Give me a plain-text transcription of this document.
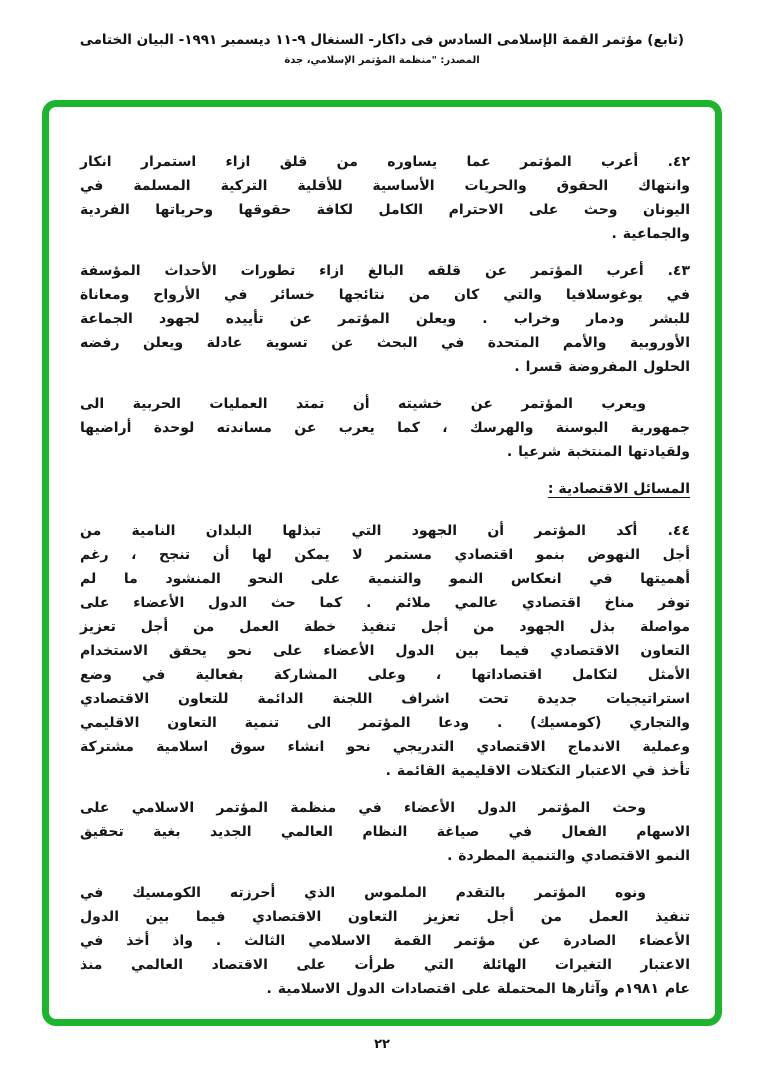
(تابع) مؤتمر القمة الإسلامى السادس فى داكار- السنغال ٩-١١ ديسمبر ١٩٩١- البيان الختامى
المصدر: "منظمة المؤتمر الإسلامي، جدة
٤٢. أعرب المؤتمر عما يساوره من قلق ازاء استمرار انكار
وانتهاك الحقوق والحريات الأساسية للأقلية التركية المسلمة في
اليونان وحث على الاحترام الكامل لكافة حقوقها وحرياتها الفردية
والجماعية .
٤٣. أعرب المؤتمر عن قلقه البالغ ازاء تطورات الأحداث المؤسفة
في يوغوسلافيا والتي كان من نتائجها خسائر في الأرواح ومعاناة
للبشر ودمار وخراب . ويعلن المؤتمر عن تأييده لجهود الجماعة
الأوروبية والأمم المتحدة في البحث عن تسوية عادلة ويعلن رفضه
الحلول المفروضة قسرا .
ويعرب المؤتمر عن خشيته أن تمتد العمليات الحربية الى
جمهورية البوسنة والهرسك ، كما يعرب عن مساندته لوحدة أراضيها
ولقيادتها المنتخبة شرعيا .
المسائل الاقتصادية :
٤٤. أكد المؤتمر أن الجهود التي تبذلها البلدان النامية من
أجل النهوض بنمو اقتصادي مستمر لا يمكن لها أن تنجح ، رغم
أهميتها في انعكاس النمو والتنمية على النحو المنشود ما لم
توفر مناخ اقتصادي عالمي ملائم . كما حث الدول الأعضاء على
مواصلة بذل الجهود من أجل تنفيذ خطة العمل من أجل تعزيز
التعاون الاقتصادي فيما بين الدول الأعضاء على نحو يحقق الاستخدام
الأمثل لتكامل اقتصاداتها ، وعلى المشاركة بفعالية في وضع
استراتيجيات جديدة تحت اشراف اللجنة الدائمة للتعاون الاقتصادي
والتجاري (كومسيك) . ودعا المؤتمر الى تنمية التعاون الاقليمي
وعملية الاندماج الاقتصادي التدريجي نحو انشاء سوق اسلامية مشتركة
تأخذ في الاعتبار التكتلات الاقليمية القائمة .
وحث المؤتمر الدول الأعضاء في منظمة المؤتمر الاسلامي على
الاسهام الفعال في صياغة النظام العالمي الجديد بغية تحقيق
النمو الاقتصادي والتنمية المطردة .
ونوه المؤتمر بالتقدم الملموس الذي أحرزته الكومسيك في
تنفيذ العمل من أجل تعزيز التعاون الاقتصادي فيما بين الدول
الأعضاء الصادرة عن مؤتمر القمة الاسلامي الثالث . واذ أخذ في
الاعتبار التغيرات الهائلة التي طرأت على الاقتصاد العالمي منذ
عام ١٩٨١م وآثارها المحتملة على اقتصادات الدول الاسلامية .
٢٢
